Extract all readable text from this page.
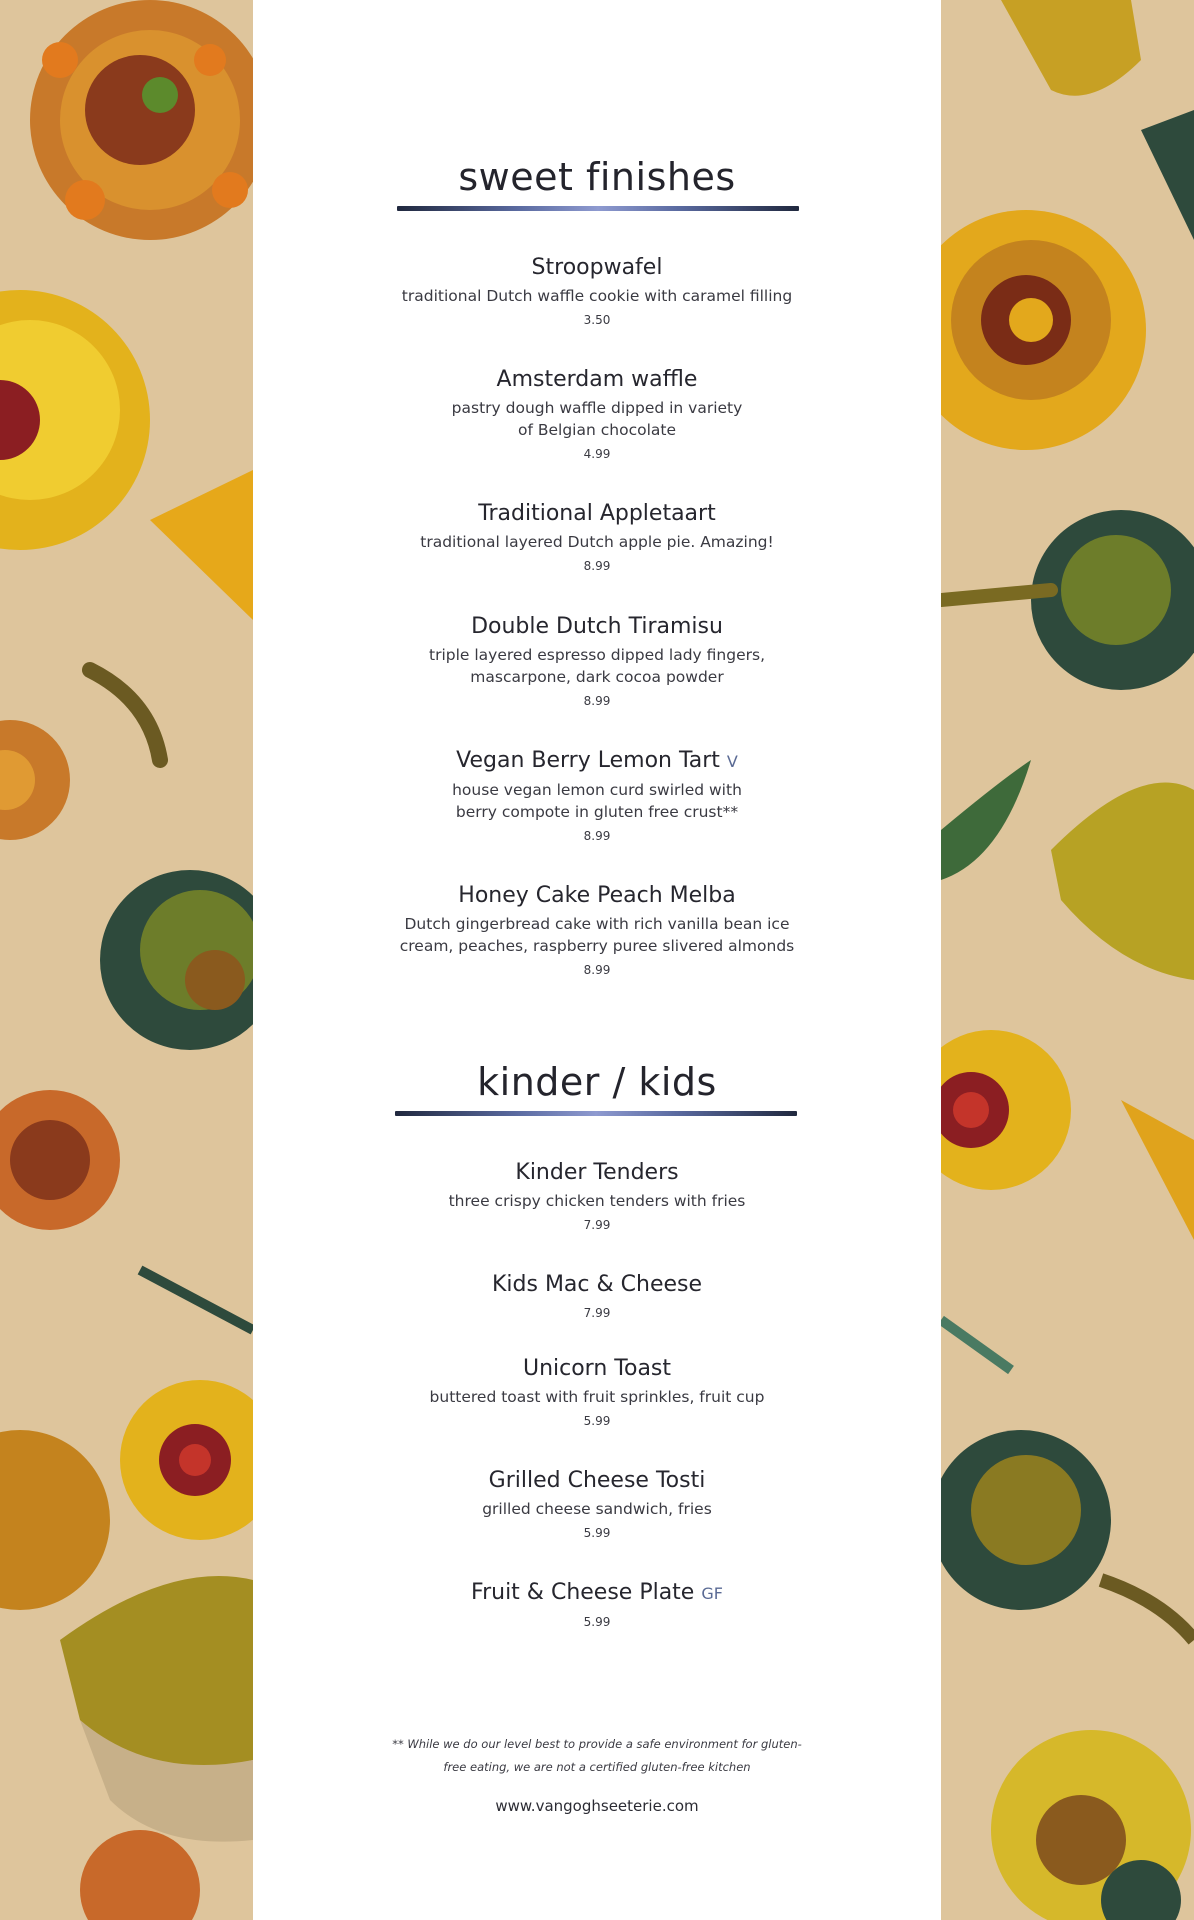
sweet finishes
Stroopwafel
traditional Dutch waffle cookie with caramel filling
3.50
Amsterdam waffle
pastry dough waffle dipped in variety
of Belgian chocolate
4.99
Traditional Appletaart
traditional layered Dutch apple pie. Amazing!
8.99
Double Dutch Tiramisu
triple layered espresso dipped lady fingers,
mascarpone, dark cocoa powder
8.99
Vegan Berry Lemon Tart V
house vegan lemon curd swirled with
berry compote in gluten free crust**
8.99
Honey Cake Peach Melba
Dutch gingerbread cake with rich vanilla bean ice
cream, peaches, raspberry puree slivered almonds
8.99
kinder / kids
Kinder Tenders
three crispy chicken tenders with fries
7.99
Kids Mac & Cheese
7.99
Unicorn Toast
buttered toast with fruit sprinkles, fruit cup
5.99
Grilled Cheese Tosti
grilled cheese sandwich, fries
5.99
Fruit & Cheese Plate GF
5.99
** While we do our level best to provide a safe environment for gluten-
free eating, we are not a certified gluten-free kitchen
www.vangoghseeterie.com
